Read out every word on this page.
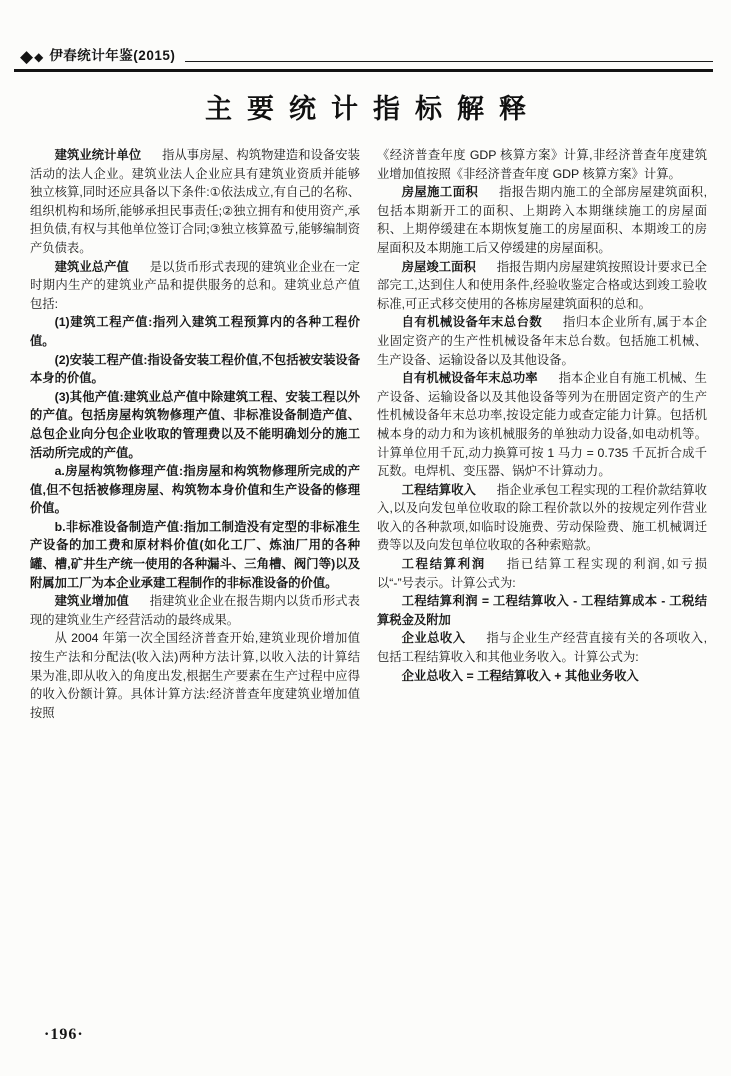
◆ ◆ 伊春统计年鉴(2015)
主要统计指标解释

建筑业统计单位 指从事房屋、构筑物建造和设备安装活动的法人企业。建筑业法人企业应具有建筑业资质并能够独立核算,同时还应具备以下条件:①依法成立,有自己的名称、组织机构和场所,能够承担民事责任;②独立拥有和使用资产,承担负债,有权与其他单位签订合同;③独立核算盈亏,能够编制资产负债表。

建筑业总产值 是以货币形式表现的建筑业企业在一定时期内生产的建筑业产品和提供服务的总和。建筑业总产值包括:

(1)建筑工程产值:指列入建筑工程预算内的各种工程价值。

(2)安装工程产值:指设备安装工程价值,不包括被安装设备本身的价值。

(3)其他产值:建筑业总产值中除建筑工程、安装工程以外的产值。包括房屋构筑物修理产值、非标准设备制造产值、总包企业向分包企业收取的管理费以及不能明确划分的施工活动所完成的产值。

a.房屋构筑物修理产值:指房屋和构筑物修理所完成的产值,但不包括被修理房屋、构筑物本身价值和生产设备的修理价值。

b.非标准设备制造产值:指加工制造没有定型的非标准生产设备的加工费和原材料价值(如化工厂、炼油厂用的各种罐、槽,矿井生产统一使用的各种漏斗、三角槽、阀门等)以及附属加工厂为本企业承建工程制作的非标准设备的价值。

建筑业增加值 指建筑业企业在报告期内以货币形式表现的建筑业生产经营活动的最终成果。

从 2004 年第一次全国经济普查开始,建筑业现价增加值按生产法和分配法(收入法)两种方法计算,以收入法的计算结果为准,即从收入的角度出发,根据生产要素在生产过程中应得的收入份额计算。具体计算方法:经济普查年度建筑业增加值按照

《经济普查年度 GDP 核算方案》计算,非经济普查年度建筑业增加值按照《非经济普查年度 GDP 核算方案》计算。

房屋施工面积 指报告期内施工的全部房屋建筑面积,包括本期新开工的面积、上期跨入本期继续施工的房屋面积、上期停缓建在本期恢复施工的房屋面积、本期竣工的房屋面积及本期施工后又停缓建的房屋面积。

房屋竣工面积 指报告期内房屋建筑按照设计要求已全部完工,达到住人和使用条件,经验收鉴定合格或达到竣工验收标准,可正式移交使用的各栋房屋建筑面积的总和。

自有机械设备年末总台数 指归本企业所有,属于本企业固定资产的生产性机械设备年末总台数。包括施工机械、生产设备、运输设备以及其他设备。

自有机械设备年末总功率 指本企业自有施工机械、生产设备、运输设备以及其他设备等列为在册固定资产的生产性机械设备年末总功率,按设定能力或查定能力计算。包括机械本身的动力和为该机械服务的单独动力设备,如电动机等。计算单位用千瓦,动力换算可按 1 马力 = 0.735 千瓦折合成千瓦数。电焊机、变压器、锅炉不计算动力。

工程结算收入 指企业承包工程实现的工程价款结算收入,以及向发包单位收取的除工程价款以外的按规定列作营业收入的各种款项,如临时设施费、劳动保险费、施工机械调迁费等以及向发包单位收取的各种索赔款。

工程结算利润 指已结算工程实现的利润,如亏损以“-”号表示。计算公式为:

工程结算利润 = 工程结算收入 - 工程结算成本 - 工税结算税金及附加

企业总收入 指与企业生产经营直接有关的各项收入,包括工程结算收入和其他业务收入。计算公式为:

企业总收入 = 工程结算收入 + 其他业务收入

·196·
